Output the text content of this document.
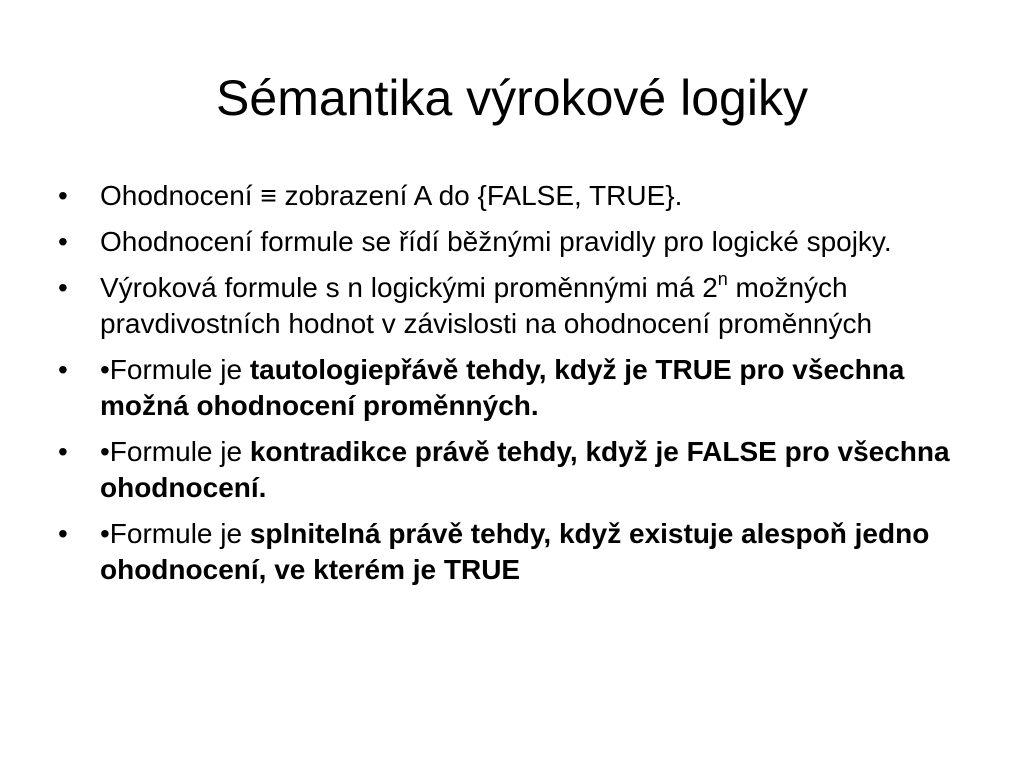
Sémantika výrokové logiky
•	Ohodnocení ≡ zobrazení A do {FALSE, TRUE}.
•	Ohodnocení formule se řídí běžnými pravidly pro logické spojky.
•	Výroková formule s n logickými proměnnými má 2$^n$ možných pravdivostních hodnot v závislosti na ohodnocení proměnných
•	•Formule je tautologiepřávě tehdy, když je TRUE pro všechna možná ohodnocení proměnných.
•	•Formule je kontradikce právě tehdy, když je FALSE pro všechna ohodnocení.
•	•Formule je splnitelná právě tehdy, když existuje alespoň jedno ohodnocení, ve kterém je TRUE
